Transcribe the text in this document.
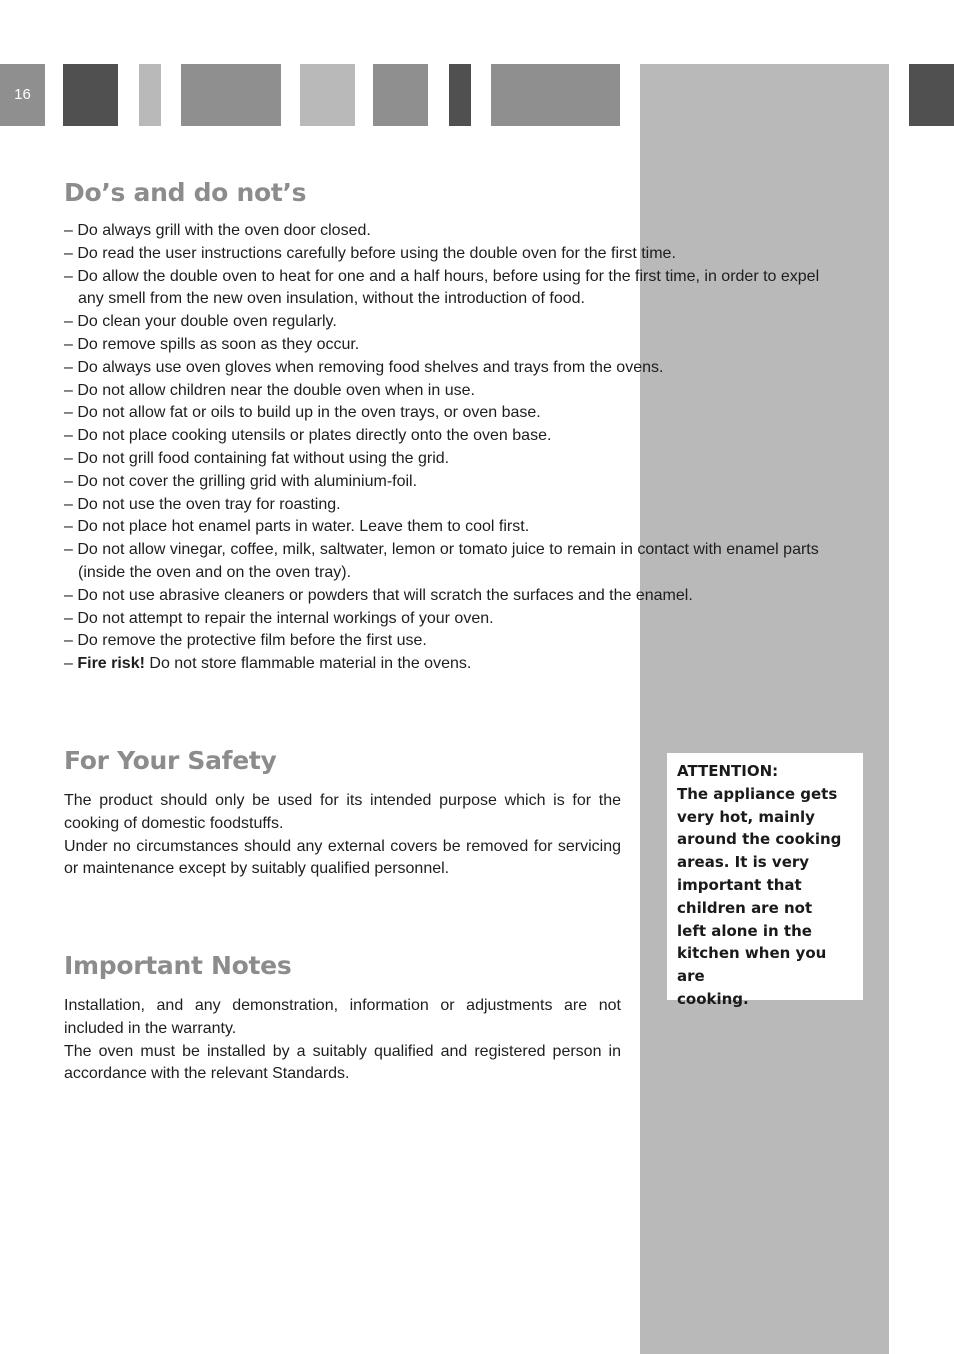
16
Do’s and do not’s
– Do always grill with the oven door closed.
– Do read the user instructions carefully before using the double oven for the first time.
– Do allow the double oven to heat for one and a half hours, before using for the first time, in order to expel any smell from the new oven insulation, without the introduction of food.
– Do clean your double oven regularly.
– Do remove spills as soon as they occur.
– Do always use oven gloves when removing food shelves and trays from the ovens.
– Do not allow children near the double oven when in use.
– Do not allow fat or oils to build up in the oven trays, or oven base.
– Do not place cooking utensils or plates directly onto the oven base.
– Do not grill food containing fat without using the grid.
– Do not cover the grilling grid with aluminium-foil.
– Do not use the oven tray for roasting.
– Do not place hot enamel parts in water. Leave them to cool first.
– Do not allow vinegar, coffee, milk, saltwater, lemon or tomato juice to remain in contact with enamel parts (inside the oven and on the oven tray).
– Do not use abrasive cleaners or powders that will scratch the surfaces and the enamel.
– Do not attempt to repair the internal workings of your oven.
– Do remove the protective film before the first use.
– Fire risk! Do not store flammable material in the ovens.
For Your Safety

The product should only be used for its intended purpose which is for the cooking of domestic foodstuffs.

Under no circumstances should any external covers be removed for servicing or maintenance except by suitably qualified personnel.

Important Notes

Installation, and any demonstration, information or adjustments are not included in the warranty.

The oven must be installed by a suitably qualified and registered person in accordance with the relevant Standards.

ATTENTION:
The appliance gets
very hot, mainly
around the cooking
areas. It is very
important that
children are not
left alone in the
kitchen when you are
cooking.
